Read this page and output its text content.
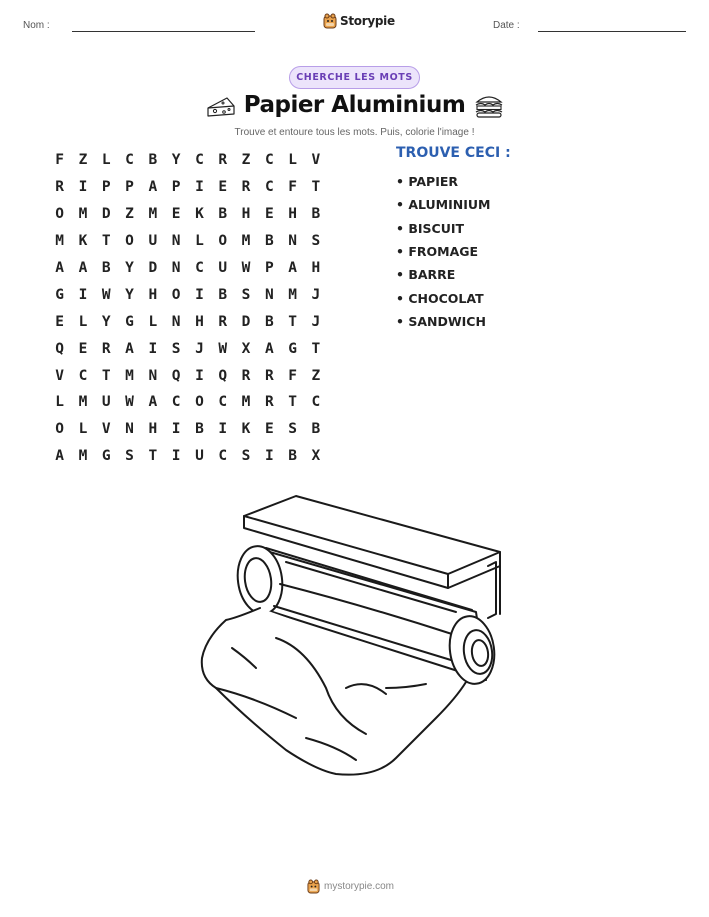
Nom :	Storypie	Date :
CHERCHE LES MOTS
Papier Aluminium
Trouve et entoure tous les mots. Puis, colorie l'image !
F	Z	L	C	B	Y	C	R	Z	C	L	V
R	I	P	P	A	P	I	E	R	C	F	T
O	M	D	Z	M	E	K	B	H	E	H	B
M	K	T	O	U	N	L	O	M	B	N	S
A	A	B	Y	D	N	C	U	W	P	A	H
G	I	W	Y	H	O	I	B	S	N	M	J
E	L	Y	G	L	N	H	R	D	B	T	J
Q	E	R	A	I	S	J	W	X	A	G	T
V	C	T	M	N	Q	I	Q	R	R	F	Z
L	M	U	W	A	C	O	C	M	R	T	C
O	L	V	N	H	I	B	I	K	E	S	B
A	M	G	S	T	I	U	C	S	I	B	X
TROUVE CECI :
• PAPIER
• ALUMINIUM
• BISCUIT
• FROMAGE
• BARRE
• CHOCOLAT
• SANDWICH
mystorypie.com
